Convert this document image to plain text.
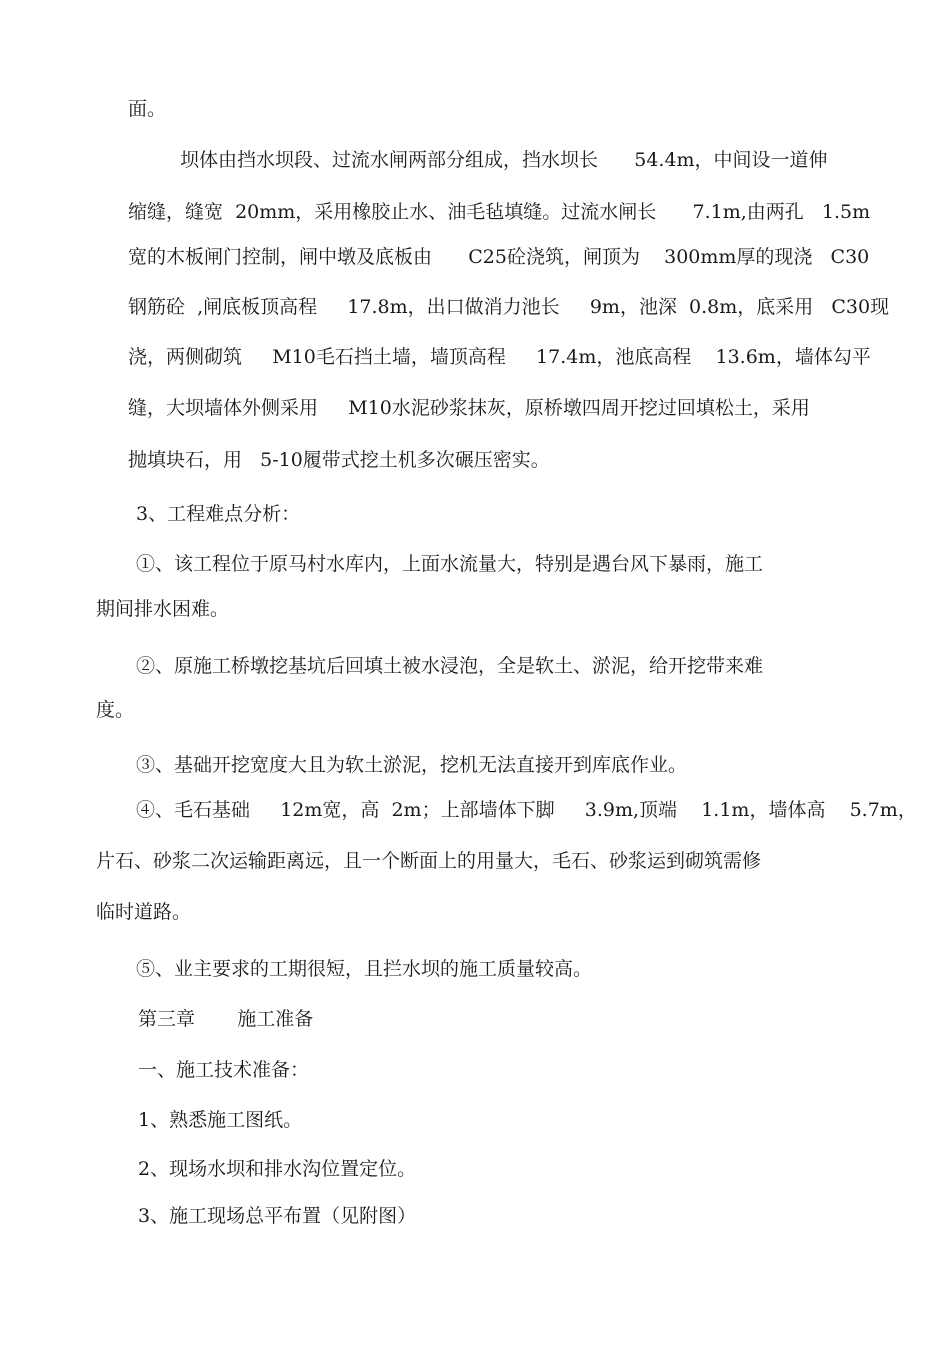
面。
坝体由挡水坝段、过流水闸两部分组成，挡水坝长      54.4m，中间设一道伸
缩缝，缝宽  20mm，采用橡胶止水、油毛毡填缝。过流水闸长      7.1m,由两孔   1.5m
宽的木板闸门控制，闸中墩及底板由      C25砼浇筑，闸顶为    300mm厚的现浇   C30
钢筋砼  ,闸底板顶高程     17.8m，出口做消力池长     9m，池深  0.8m，底采用   C30现
浇，两侧砌筑     M10毛石挡土墙，墙顶高程     17.4m，池底高程    13.6m，墙体勾平
缝，大坝墙体外侧采用     M10水泥砂浆抹灰，原桥墩四周开挖过回填松土，采用
抛填块石，用   5-10履带式挖土机多次碾压密实。
3、工程难点分析：
①、该工程位于原马村水库内，上面水流量大，特别是遇台风下暴雨，施工
期间排水困难。
②、原施工桥墩挖基坑后回填土被水浸泡，全是软土、淤泥，给开挖带来难
度。
③、基础开挖宽度大且为软土淤泥，挖机无法直接开到库底作业。
④、毛石基础     12m宽，高  2m；上部墙体下脚     3.9m,顶端    1.1m，墙体高    5.7m，
片石、砂浆二次运输距离远，且一个断面上的用量大，毛石、砂浆运到砌筑需修
临时道路。
⑤、业主要求的工期很短，且拦水坝的施工质量较高。
第三章       施工准备
一、施工技术准备：
1、熟悉施工图纸。
2、现场水坝和排水沟位置定位。
3、施工现场总平布置（见附图）
